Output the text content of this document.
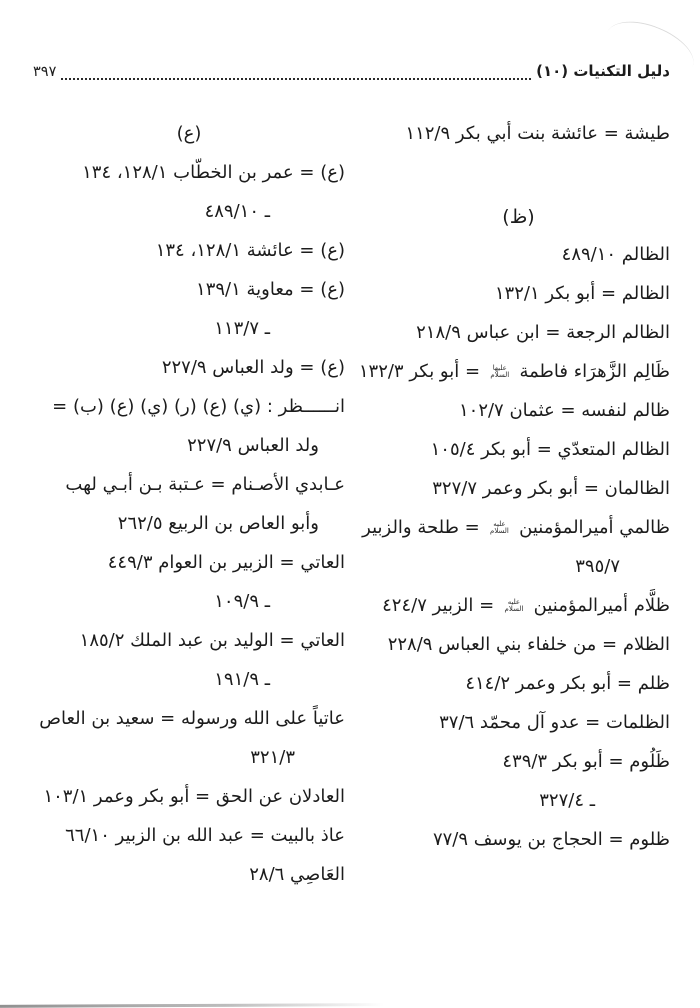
دليل التكنيات (١٠)
٣٩٧
طيشة = عائشة بنت أبي بكر ١١٢/٩
(ظ)
الظالم ٤٨٩/١٠
الظالم = أبو بكر ١٣٢/١
الظالم الرجعة = ابن عباس ٢١٨/٩
ظَالِم الزَّهرَاء فاطمة عليها السلام = أبو بكر ١٣٢/٣
ظالم لنفسه = عثمان ١٠٢/٧
الظالم المتعدّي = أبو بكر ١٠٥/٤
الظالمان = أبو بكر وعمر ٣٢٧/٧
ظالمي أميرالمؤمنين عليه السلام = طلحة والزبير
٣٩٥/٧
ظلَّام أميرالمؤمنين عليه السلام = الزبير ٤٢٤/٧
الظلام = من خلفاء بني العباس ٢٢٨/٩
ظلم = أبو بكر وعمر ٤١٤/٢
الظلمات = عدو آل محمّد ٣٧/٦
ظَلُوم = أبو بكر ٤٣٩/٣
ـ ٣٢٧/٤
ظلوم = الحجاج بن يوسف ٧٧/٩
(ع)
(ع) = عمر بن الخطّاب ١٢٨/١، ١٣٤
ـ ٤٨٩/١٠
(ع) = عائشة ١٢٨/١، ١٣٤
(ع) = معاوية ١٣٩/١
ـ ١١٣/٧
(ع) = ولد العباس ٢٢٧/٩
انــــــظر : (ي) (ع) (ر) (ي) (ع) (ب) =
ولد العباس ٢٢٧/٩
عـابدي الأصـنام = عـتبة بـن أبـي لهب
وأبو العاص بن الربيع ٢٦٢/٥
العاتي = الزبير بن العوام ٤٤٩/٣
ـ ١٠٩/٩
العاتي = الوليد بن عبد الملك ١٨٥/٢
ـ ١٩١/٩
عاتياً على الله ورسوله = سعيد بن العاص
٣٢١/٣
العادلان عن الحق = أبو بكر وعمر ١٠٣/١
عاذ بالبيت = عبد الله بن الزبير ٦٦/١٠
العَاصِي ٢٨/٦
